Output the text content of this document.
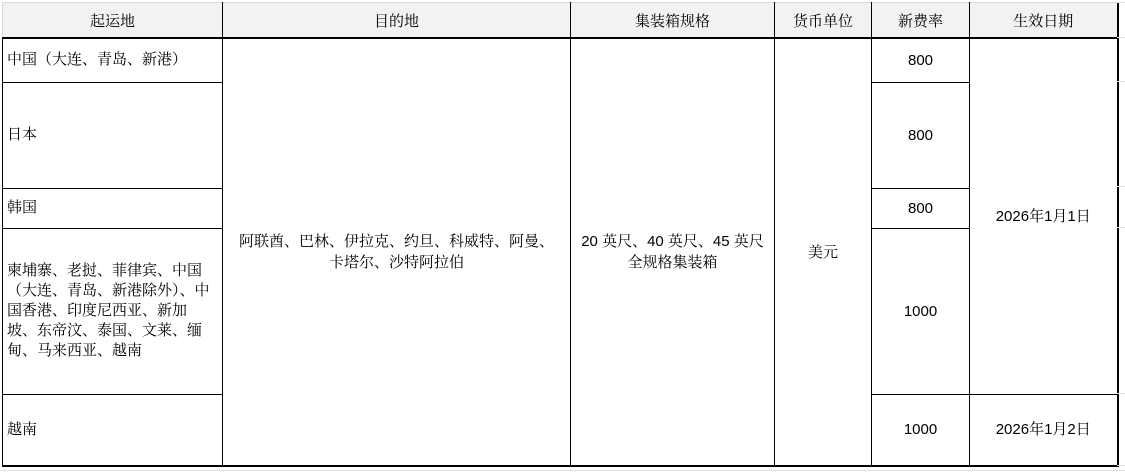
起运地	目的地	集装箱规格	货币单位	新费率	生效日期
中国（大连、青岛、新港）	阿联酋、巴林、伊拉克、约旦、科威特、阿曼、
卡塔尔、沙特阿拉伯	20 英尺、40 英尺、45 英尺
全规格集装箱	美元	800	2026年1月1日
日本				800	
韩国				800	
柬埔寨、老挝、菲律宾、中国（大连、青岛、新港除外）、中国香港、印度尼西亚、新加坡、东帝汶、泰国、文莱、缅甸、马来西亚、越南				1000	
越南				1000	2026年1月2日
